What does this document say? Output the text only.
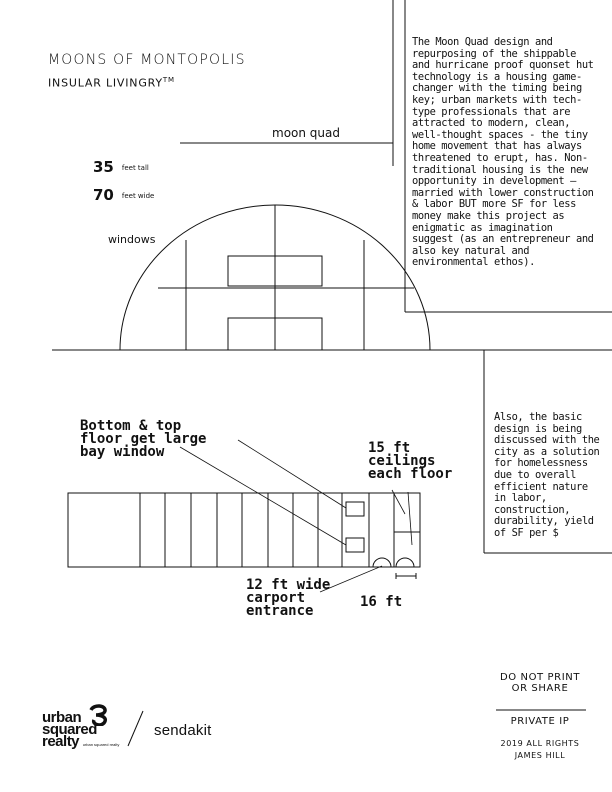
MOONS OF MONTOPOLIS
INSULAR LIVINGRY™
moon quad
35 feet tall
70 feet wide
windows
The Moon Quad design and repurposing of the shippable and hurricane proof quonset hut technology is a housing game-changer with the timing being key; urban markets with tech-type professionals that are attracted to modern, clean, well-thought spaces - the tiny home movement that has always threatened to erupt, has. Non-traditional housing is the new opportunity in development — married with lower construction & labor BUT more SF for less money make this project as enigmatic as imagination suggest (as an entrepreneur and also key natural and environmental ethos).
Also, the basic design is being discussed with the city as a solution for homelessness due to overall efficient nature in labor, construction, durability, yield of SF per $
Bottom & top
floor get large
bay window	15 ft
ceilings
each floor
12 ft wide
carport
entrance
16 ft
DO NOT PRINT
OR SHARE
PRIVATE IP
2019 ALL RIGHTS
JAMES HILL
urban
squared
realty urban squared realty
sendakit
